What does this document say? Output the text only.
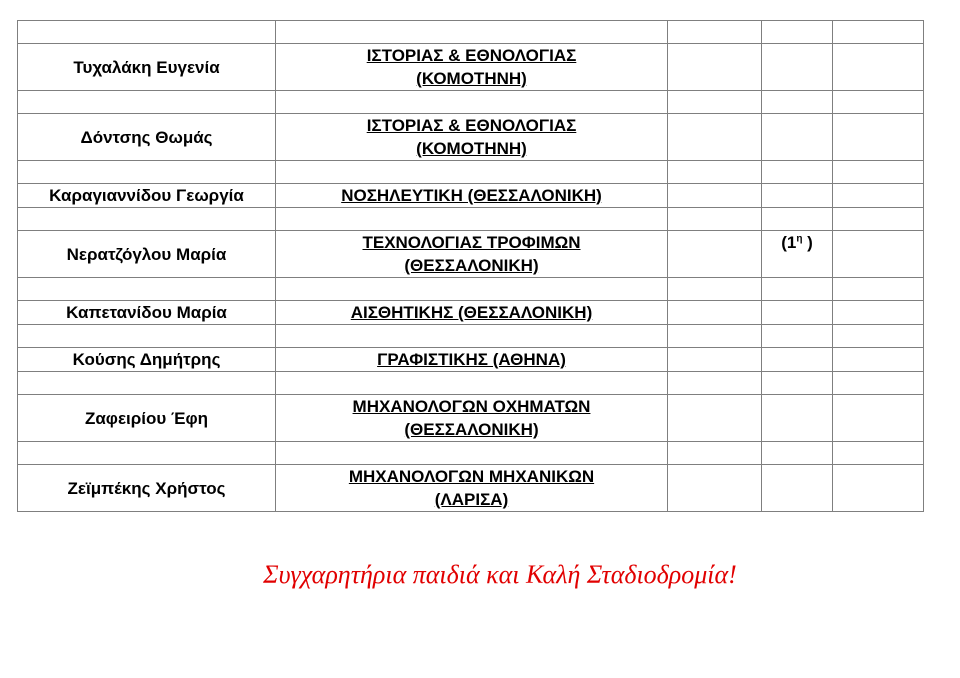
Τυχαλάκη Ευγενία	ΙΣΤΟΡΙΑΣ & ΕΘΝΟΛΟΓΙΑΣ
(ΚΟΜΟΤΗΝΗ)			

Δόντσης Θωμάς	ΙΣΤΟΡΙΑΣ & ΕΘΝΟΛΟΓΙΑΣ
(ΚΟΜΟΤΗΝΗ)			

Καραγιαννίδου Γεωργία	ΝΟΣΗΛΕΥΤΙΚΗ (ΘΕΣΣΑΛΟΝΙΚΗ)			

Νερατζόγλου Μαρία	ΤΕΧΝΟΛΟΓΙΑΣ ΤΡΟΦΙΜΩΝ
(ΘΕΣΣΑΛΟΝΙΚΗ)		($1^\eta$ )	

Καπετανίδου Μαρία	ΑΙΣΘΗΤΙΚΗΣ (ΘΕΣΣΑΛΟΝΙΚΗ)			

Κούσης Δημήτρης	ΓΡΑΦΙΣΤΙΚΗΣ (ΑΘΗΝΑ)			

Ζαφειρίου Έφη	ΜΗΧΑΝΟΛΟΓΩΝ ΟΧΗΜΑΤΩΝ
(ΘΕΣΣΑΛΟΝΙΚΗ)			

Ζεϊμπέκης Χρήστος	ΜΗΧΑΝΟΛΟΓΩΝ ΜΗΧΑΝΙΚΩΝ
(ΛΑΡΙΣΑ)			
Συγχαρητήρια παιδιά και Καλή Σταδιοδρομία!
